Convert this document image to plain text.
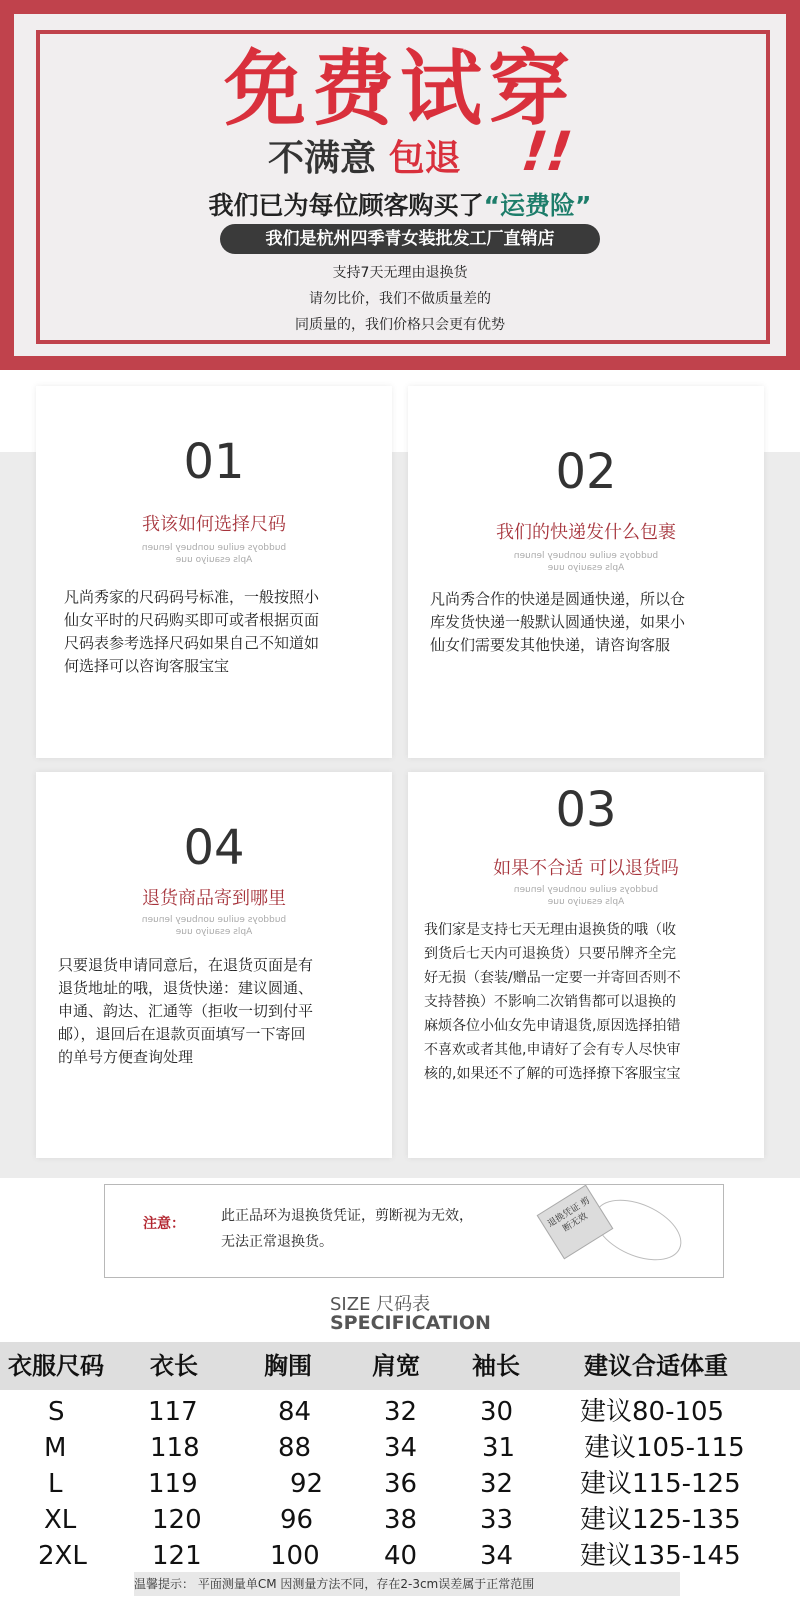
免费试穿
不满意 包退 !!
我们已为每位顾客购买了“运费险”
我们是杭州四季青女装批发工厂直销店
支持7天无理由退换货
请勿比价，我们不做质量差的
同质量的，我们价格只会更有优势
01
我该如何选择尺码
buddoys euilue uonbuey lenuen
Apls esauiyo uue
凡尚秀家的尺码码号标准，一般按照小
仙女平时的尺码购买即可或者根据页面
尺码表参考选择尺码如果自己不知道如
何选择可以咨询客服宝宝
02
我们的快递发什么包裹
buddoys euilue uonbuey lenuen
Apls esauiyo uue
凡尚秀合作的快递是圆通快递，所以仓
库发货快递一般默认圆通快递，如果小
仙女们需要发其他快递，请咨询客服
04
退货商品寄到哪里
buddoys euilue uonbuey lenuen
Apls esauiyo uue
只要退货申请同意后，在退货页面是有
退货地址的哦，退货快递：建议圆通、
申通、韵达、汇通等（拒收一切到付平
邮），退回后在退款页面填写一下寄回
的单号方便查询处理
03
如果不合适 可以退货吗
buddoys euilue uonbuey lenuen
Apls esauiyo uue
我们家是支持七天无理由退换货的哦（收
到货后七天内可退换货）只要吊牌齐全完
好无损（套装/赠品一定要一并寄回否则不
支持替换）不影响二次销售都可以退换的
麻烦各位小仙女先申请退货,原因选择拍错
不喜欢或者其他,申请好了会有专人尽快审
核的,如果还不了解的可选择撩下客服宝宝
注意：	此正品环为退换货凭证，剪断视为无效，
无法正常退换货。
退换凭证 剪断无效
SIZE 尺码表
SPECIFICATION
衣服尺码 衣长	胸围	肩宽 袖长	建议合适体重
S	117	84	32 30	建议80-105
M	118	88	34 31	建议105-115
L	119	92 36 32	建议115-125
XL	120	96	38 33	建议125-135
2XL	121	100 40 34	建议135-145
温馨提示： 平面测量单CM 因测量方法不同，存在2-3cm误差属于正常范围
